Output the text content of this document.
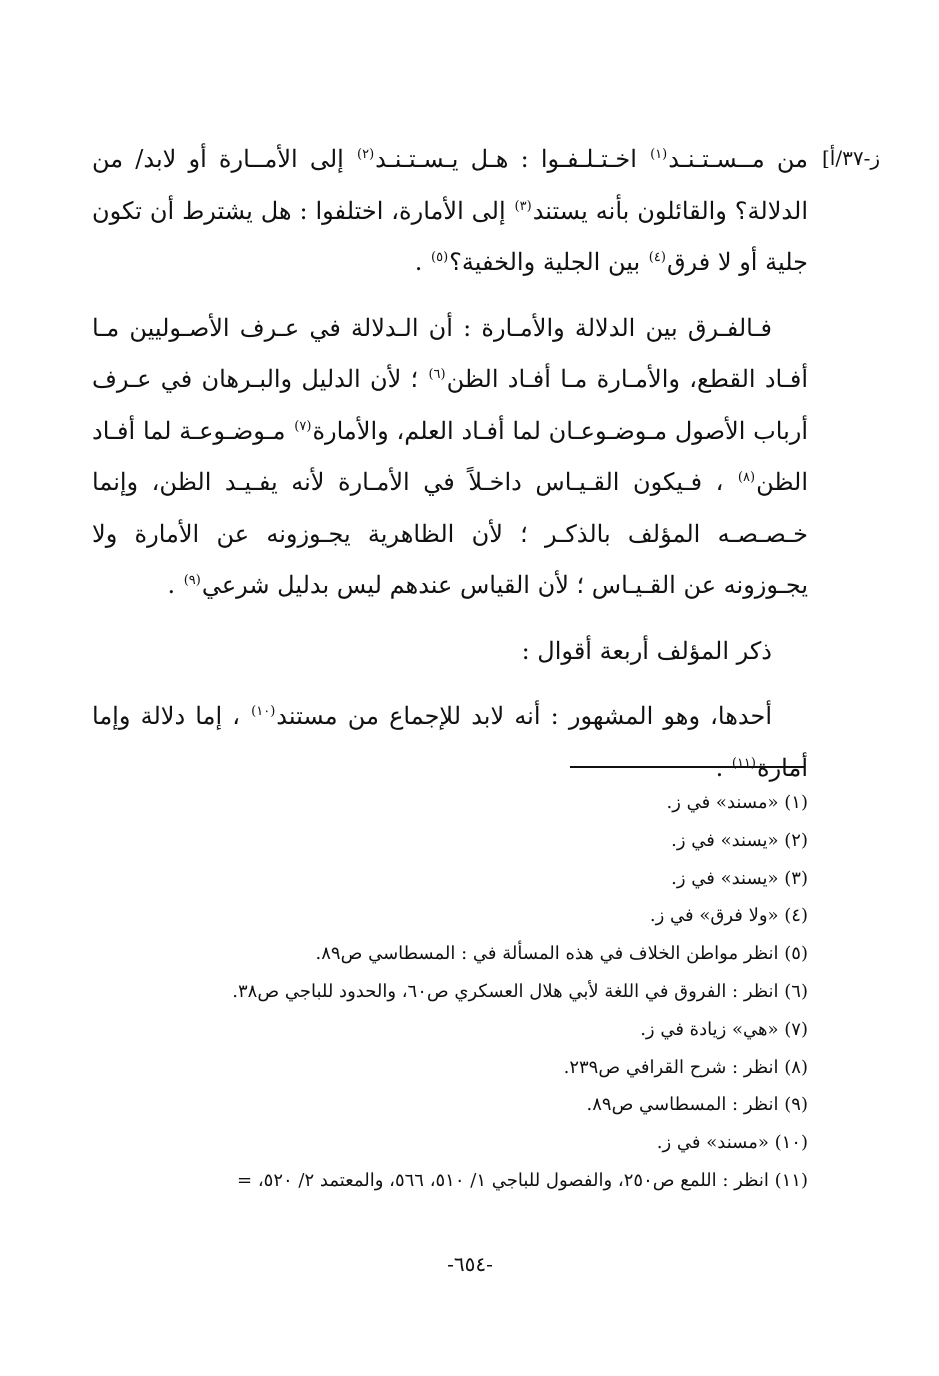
ز-٣٧/أ]

من مــسـتـنـد$^{(١)}$ اخـتـلـفـوا : هـل يـسـتـنـد$^{(٢)}$ إلى الأمــارة أو لابد/ من الدلالة؟ والقائلون بأنه يستند$^{(٣)}$ إلى الأمارة، اختلفوا : هل يشترط أن تكون جلية أو لا فرق$^{(٤)}$ بين الجلية والخفية؟$^{(٥)}$ .

فـالفـرق بين الدلالة والأمـارة : أن الـدلالة في عـرف الأصـوليين مـا أفـاد القطع، والأمـارة مـا أفـاد الظن$^{(٦)}$ ؛ لأن الدليل والبـرهان في عـرف أرباب الأصول مـوضـوعـان لما أفـاد العلم، والأمارة$^{(٧)}$ مـوضـوعـة لما أفـاد الظن$^{(٨)}$ ، فـيكون القـيـاس داخـلاً في الأمـارة لأنه يفـيـد الظن، وإنما خـصـصـه المؤلف بالذكـر ؛ لأن الظاهرية يجـوزونه عن الأمارة ولا يجـوزونه عن القـيـاس ؛ لأن القياس عندهم ليس بدليل شرعي$^{(٩)}$ .

ذكر المؤلف أربعة أقوال :

أحدها، وهو المشهور : أنه لابد للإجماع من مستند$^{(١٠)}$ ، إما دلالة وإما أمارة$^{(١١)}$ .

(١) «مسند» في ز.
(٢) «يسند» في ز.
(٣) «يسند» في ز.
(٤) «ولا فرق» في ز.
(٥) انظر مواطن الخلاف في هذه المسألة في : المسطاسي ص٨٩.
(٦) انظر : الفروق في اللغة لأبي هلال العسكري ص٦٠، والحدود للباجي ص٣٨.
(٧) «هي» زيادة في ز.
(٨) انظر : شرح القرافي ص٢٣٩.
(٩) انظر : المسطاسي ص٨٩.
(١٠) «مسند» في ز.
(١١) انظر : اللمع ص٢٥٠، والفصول للباجي ١/ ٥١٠، ٥٦٦، والمعتمد ٢/ ٥٢٠، =
-٦٥٤-
